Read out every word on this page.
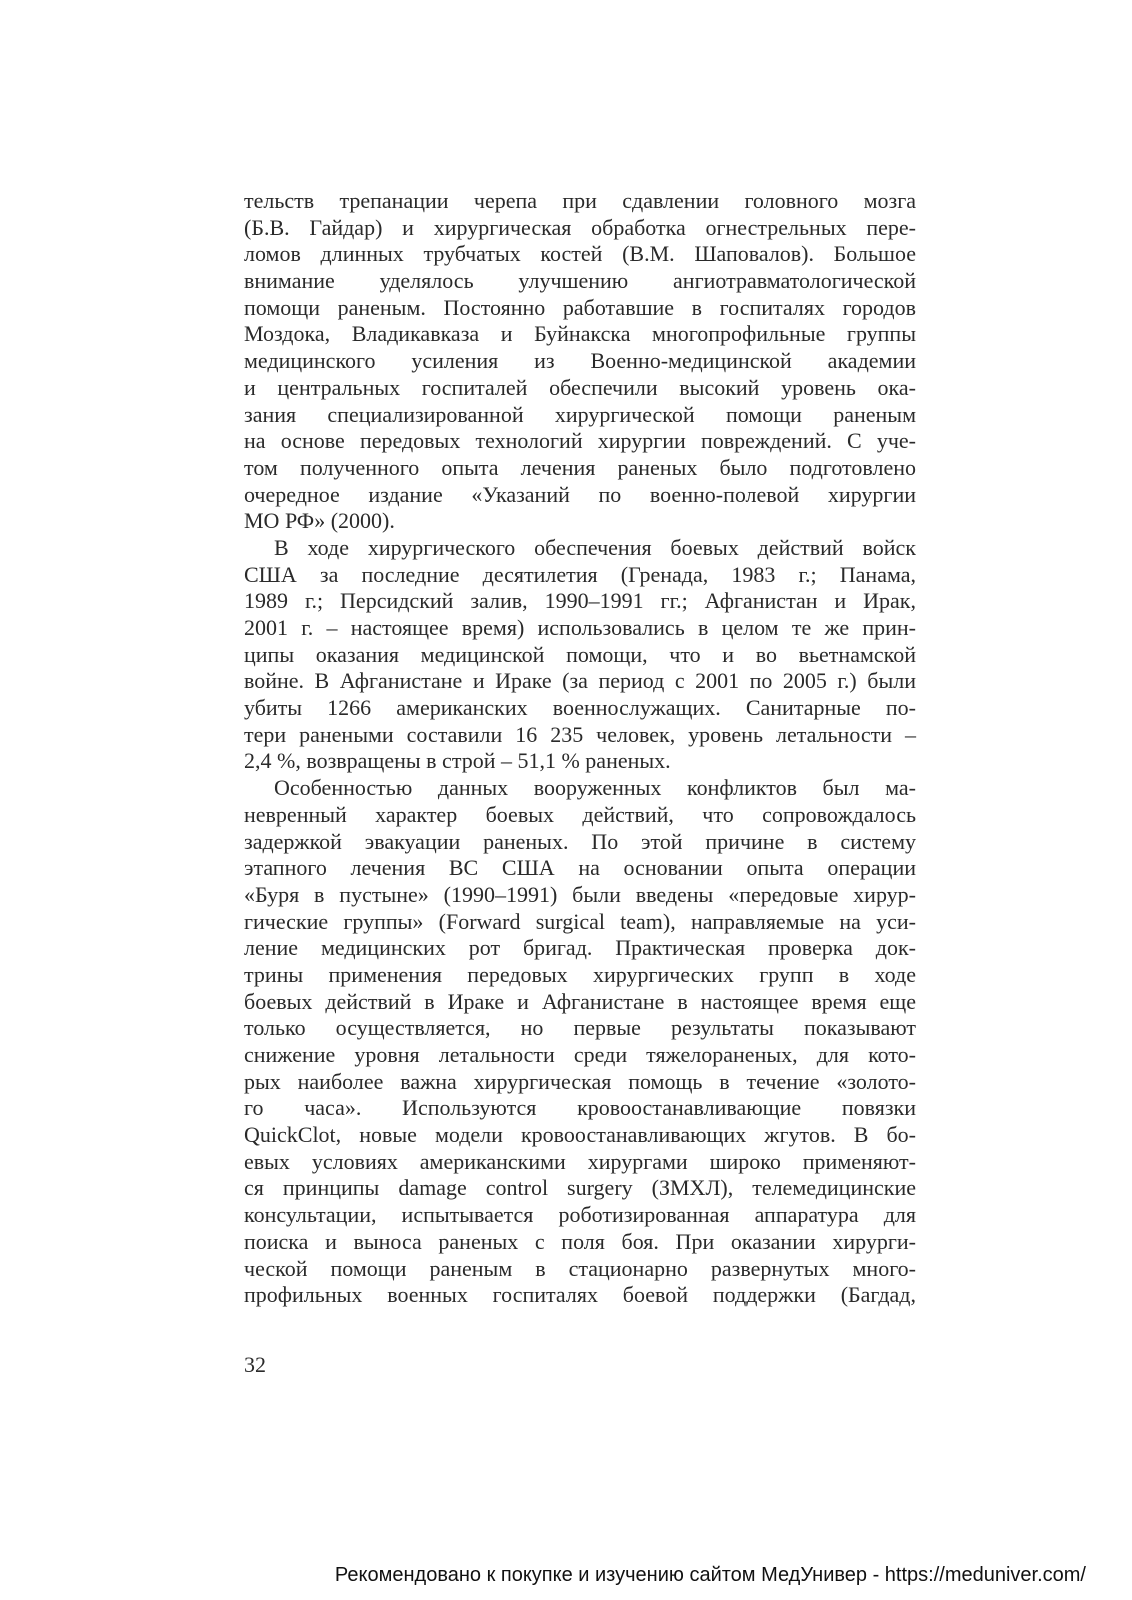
тельств трепанации черепа при сдавлении головного мозга
(Б.В. Гайдар) и хирургическая обработка огнестрельных пере-
ломов длинных трубчатых костей (В.М. Шаповалов). Большое
внимание уделялось улучшению ангиотравматологической
помощи раненым. Постоянно работавшие в госпиталях городов
Моздока, Владикавказа и Буйнакска многопрофильные группы
медицинского усиления из Военно-медицинской академии
и центральных госпиталей обеспечили высокий уровень ока-
зания специализированной хирургической помощи раненым
на основе передовых технологий хирургии повреждений. С уче-
том полученного опыта лечения раненых было подготовлено
очередное издание «Указаний по военно-полевой хирургии
МО РФ» (2000).
В ходе хирургического обеспечения боевых действий войск
США за последние десятилетия (Гренада, 1983 г.; Панама,
1989 г.; Персидский залив, 1990–1991 гг.; Афганистан и Ирак,
2001 г. – настоящее время) использовались в целом те же прин-
ципы оказания медицинской помощи, что и во вьетнамской
войне. В Афганистане и Ираке (за период с 2001 по 2005 г.) были
убиты 1266 американских военнослужащих. Санитарные по-
тери ранеными составили 16 235 человек, уровень летальности –
2,4 %, возвращены в строй – 51,1 % раненых.
Особенностью данных вооруженных конфликтов был ма-
невренный характер боевых действий, что сопровождалось
задержкой эвакуации раненых. По этой причине в систему
этапного лечения ВС США на основании опыта операции
«Буря в пустыне» (1990–1991) были введены «передовые хирур-
гические группы» (Forward surgical team), направляемые на уси-
ление медицинских рот бригад. Практическая проверка док-
трины применения передовых хирургических групп в ходе
боевых действий в Ираке и Афганистане в настоящее время еще
только осуществляется, но первые результаты показывают
снижение уровня летальности среди тяжелораненых, для кото-
рых наиболее важна хирургическая помощь в течение «золото-
го часа». Используются кровоостанавливающие повязки
QuickClot, новые модели кровоостанавливающих жгутов. В бо-
евых условиях американскими хирургами широко применяют-
ся принципы damage control surgery (ЗМХЛ), телемедицинские
консультации, испытывается роботизированная аппаратура для
поиска и выноса раненых с поля боя. При оказании хирурги-
ческой помощи раненым в стационарно развернутых много-
профильных военных госпиталях боевой поддержки (Багдад,
32
Рекомендовано к покупке и изучению сайтом МедУнивер - https://meduniver.com/
